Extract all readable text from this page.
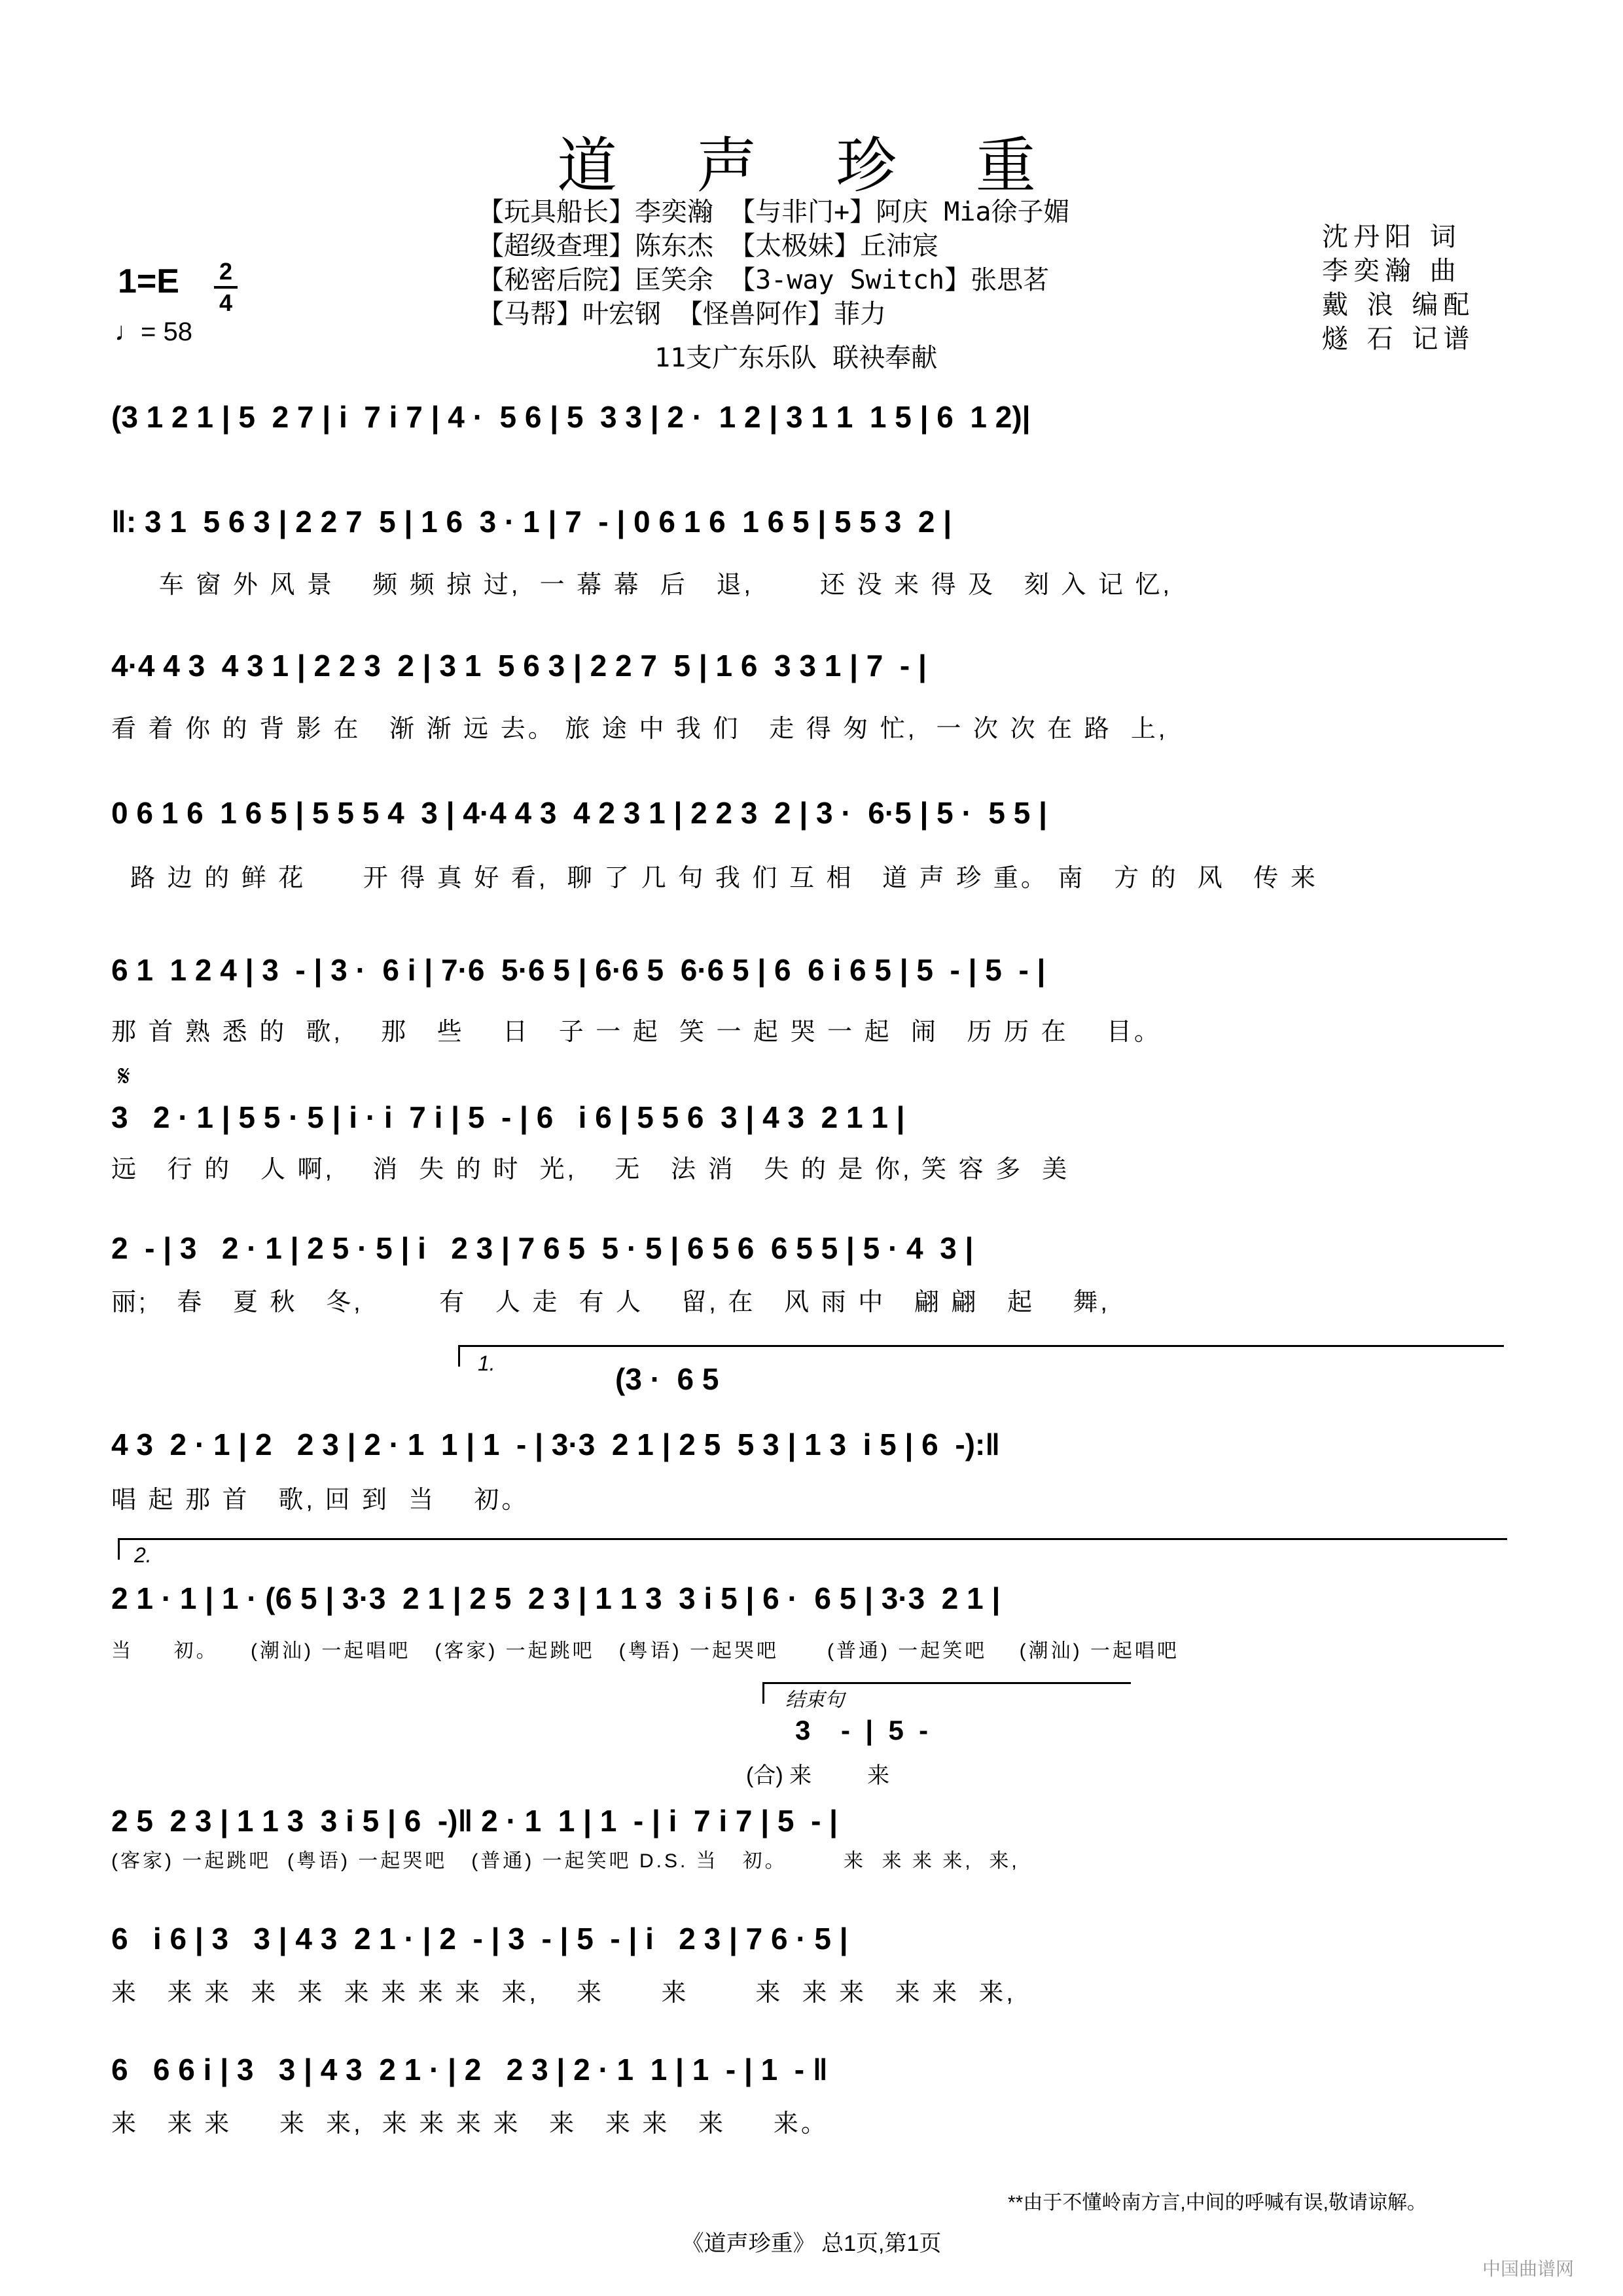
道 声 珍 重
【玩具船长】李奕瀚 【与非门+】阿庆 Mia徐子媚
【超级查理】陈东杰 【太极妹】丘沛宸
【秘密后院】匡笑余 【3-way Switch】张思茗
【马帮】叶宏钢 【怪兽阿作】菲力
11支广东乐队 联袂奉献
沈丹阳 词
李奕瀚 曲
戴 浪 编配
燧 石 记谱
1=E 2
4
♩= 58
(3 1 2 1 | 5  2 7 | i  7 i 7 | 4 ·  5 6 | 5  3 3 | 2 ·  1 2 | 3 1 1  1 5 | 6  1 2)|
‖: 3 1  5 6 3 | 2 2 7  5 | 1 6  3 · 1 | 7  - | 0 6 1 6  1 6 5 | 5 5 3  2 |
车 窗 外 风 景    频 频 掠 过,  一 幕 幕  后   退,       还 没 来 得 及   刻 入 记 忆,
4·4 4 3  4 3 1 | 2 2 3  2 | 3 1  5 6 3 | 2 2 7  5 | 1 6  3 3 1 | 7  - |
看 着 你 的 背 影 在   渐 渐 远 去。 旅 途 中 我 们   走 得 匆 忙,  一 次 次 在 路  上,
0 6 1 6  1 6 5 | 5 5 5 4  3 | 4·4 4 3  4 2 3 1 | 2 2 3  2 | 3 ·  6·5 | 5 ·  5 5 |
路 边 的 鲜 花      开 得 真 好 看,  聊 了 几 句 我 们 互 相   道 声 珍 重。 南   方 的  风   传 来
6 1  1 2 4 | 3  - | 3 ·  6 i | 7·6  5·6 5 | 6·6 5  6·6 5 | 6  6 i 6 5 | 5  - | 5  - |
那 首 熟 悉 的  歌,    那   些    日   子 一 起  笑 一 起 哭 一 起  闹   历 历 在    目。
𝄋
3   2 · 1 | 5 5 · 5 | i · i  7 i | 5  - | 6   i 6 | 5 5 6  3 | 4 3  2 1 1 |
远   行 的   人 啊,    消  失 的 时  光,    无   法 消   失 的 是 你, 笑 容 多  美
2  - | 3   2 · 1 | 2 5 · 5 | i   2 3 | 7 6 5  5 · 5 | 6 5 6  6 5 5 | 5 · 4  3 |
丽;   春   夏 秋   冬,        有   人 走  有 人    留, 在   风 雨 中   翩 翩   起    舞,
1.	(3 ·  6 5
4 3  2 · 1 | 2   2 3 | 2 · 1  1 | 1  - | 3·3  2 1 | 2 5  5 3 | 1 3  i 5 | 6  -):‖
唱 起 那 首   歌, 回 到  当    初。
2.
2 1 · 1 | 1 · (6 5 | 3·3  2 1 | 2 5  2 3 | 1 1 3  3 i 5 | 6 ·  6 5 | 3·3  2 1 |
当     初。    (潮汕) 一起唱吧   (客家) 一起跳吧   (粤语) 一起哭吧      (普通) 一起笑吧    (潮汕) 一起唱吧
结束句
3    -  |  5  -
(合) 来         来
2 5  2 3 | 1 1 3  3 i 5 | 6  -)‖ 2 · 1  1 | 1  - | i  7 i 7 | 5  - |
(客家) 一起跳吧  (粤语) 一起哭吧   (普通) 一起笑吧 D.S. 当   初。       来  来 来 来,  来,
6   i 6 | 3   3 | 4 3  2 1 · | 2  - | 3  - | 5  - | i   2 3 | 7 6 · 5 |
来   来 来  来  来  来 来 来 来  来,    来      来       来  来 来   来 来  来,
6   6 6 i | 3   3 | 4 3  2 1 · | 2   2 3 | 2 · 1  1 | 1  - | 1  - ‖
来   来 来     来  来,  来 来 来 来   来   来 来   来     来。
**由于不懂岭南方言,中间的呼喊有误,敬请谅解。
《道声珍重》 总1页,第1页
中国曲谱网
